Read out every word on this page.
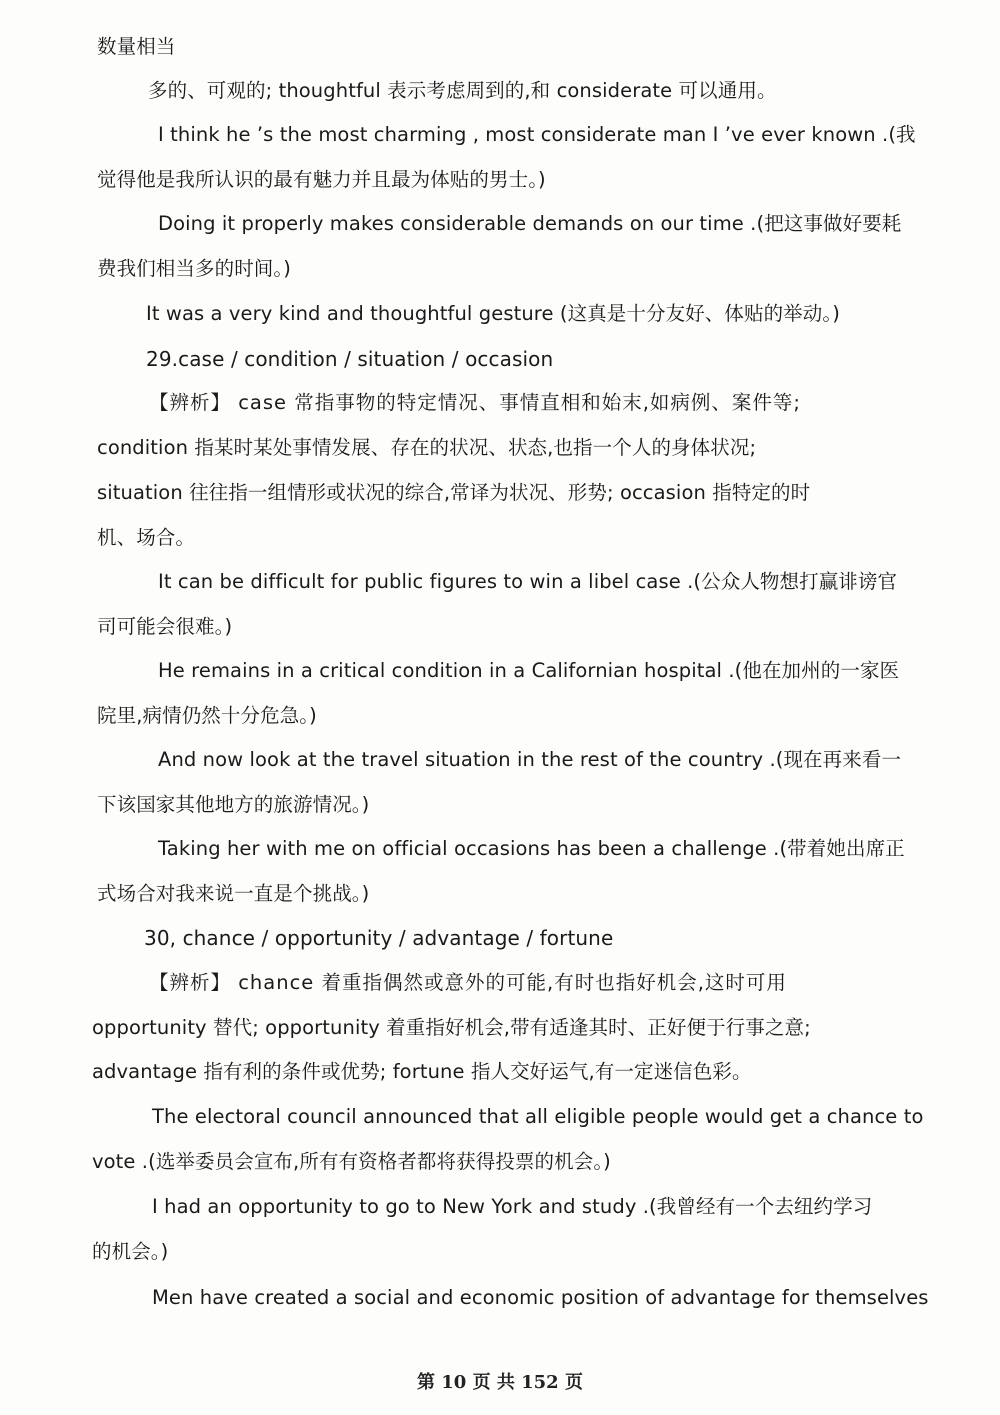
数量相当
多的、可观的; thoughtful 表示考虑周到的,和 considerate 可以通用。
I think he ’s the most charming , most considerate man I ’ve ever known .(我
觉得他是我所认识的最有魅力并且最为体贴的男士。)
Doing it properly makes considerable demands on our time .(把这事做好要耗
费我们相当多的时间。)
It was a very kind and thoughtful gesture (这真是十分友好、体贴的举动。)
29.case / condition / situation / occasion
【辨析】 case 常指事物的特定情况、事情直相和始末,如病例、案件等;
condition 指某时某处事情发展、存在的状况、状态,也指一个人的身体状况;
situation 往往指一组情形或状况的综合,常译为状况、形势; occasion 指特定的时
机、场合。
It can be difficult for public figures to win a libel case .(公众人物想打赢诽谤官
司可能会很难。)
He remains in a critical condition in a Californian hospital .(他在加州的一家医
院里,病情仍然十分危急。)
And now look at the travel situation in the rest of the country .(现在再来看一
下该国家其他地方的旅游情况。)
Taking her with me on official occasions has been a challenge .(带着她出席正
式场合对我来说一直是个挑战。)
30, chance / opportunity / advantage / fortune
【辨析】 chance 着重指偶然或意外的可能,有时也指好机会,这时可用
opportunity 替代; opportunity 着重指好机会,带有适逢其时、正好便于行事之意;
advantage 指有利的条件或优势; fortune 指人交好运气,有一定迷信色彩。
The electoral council announced that all eligible people would get a chance to
vote .(选举委员会宣布,所有有资格者都将获得投票的机会。)
I had an opportunity to go to New York and study .(我曾经有一个去纽约学习
的机会。)
Men have created a social and economic position of advantage for themselves
第 10 页 共 152 页
